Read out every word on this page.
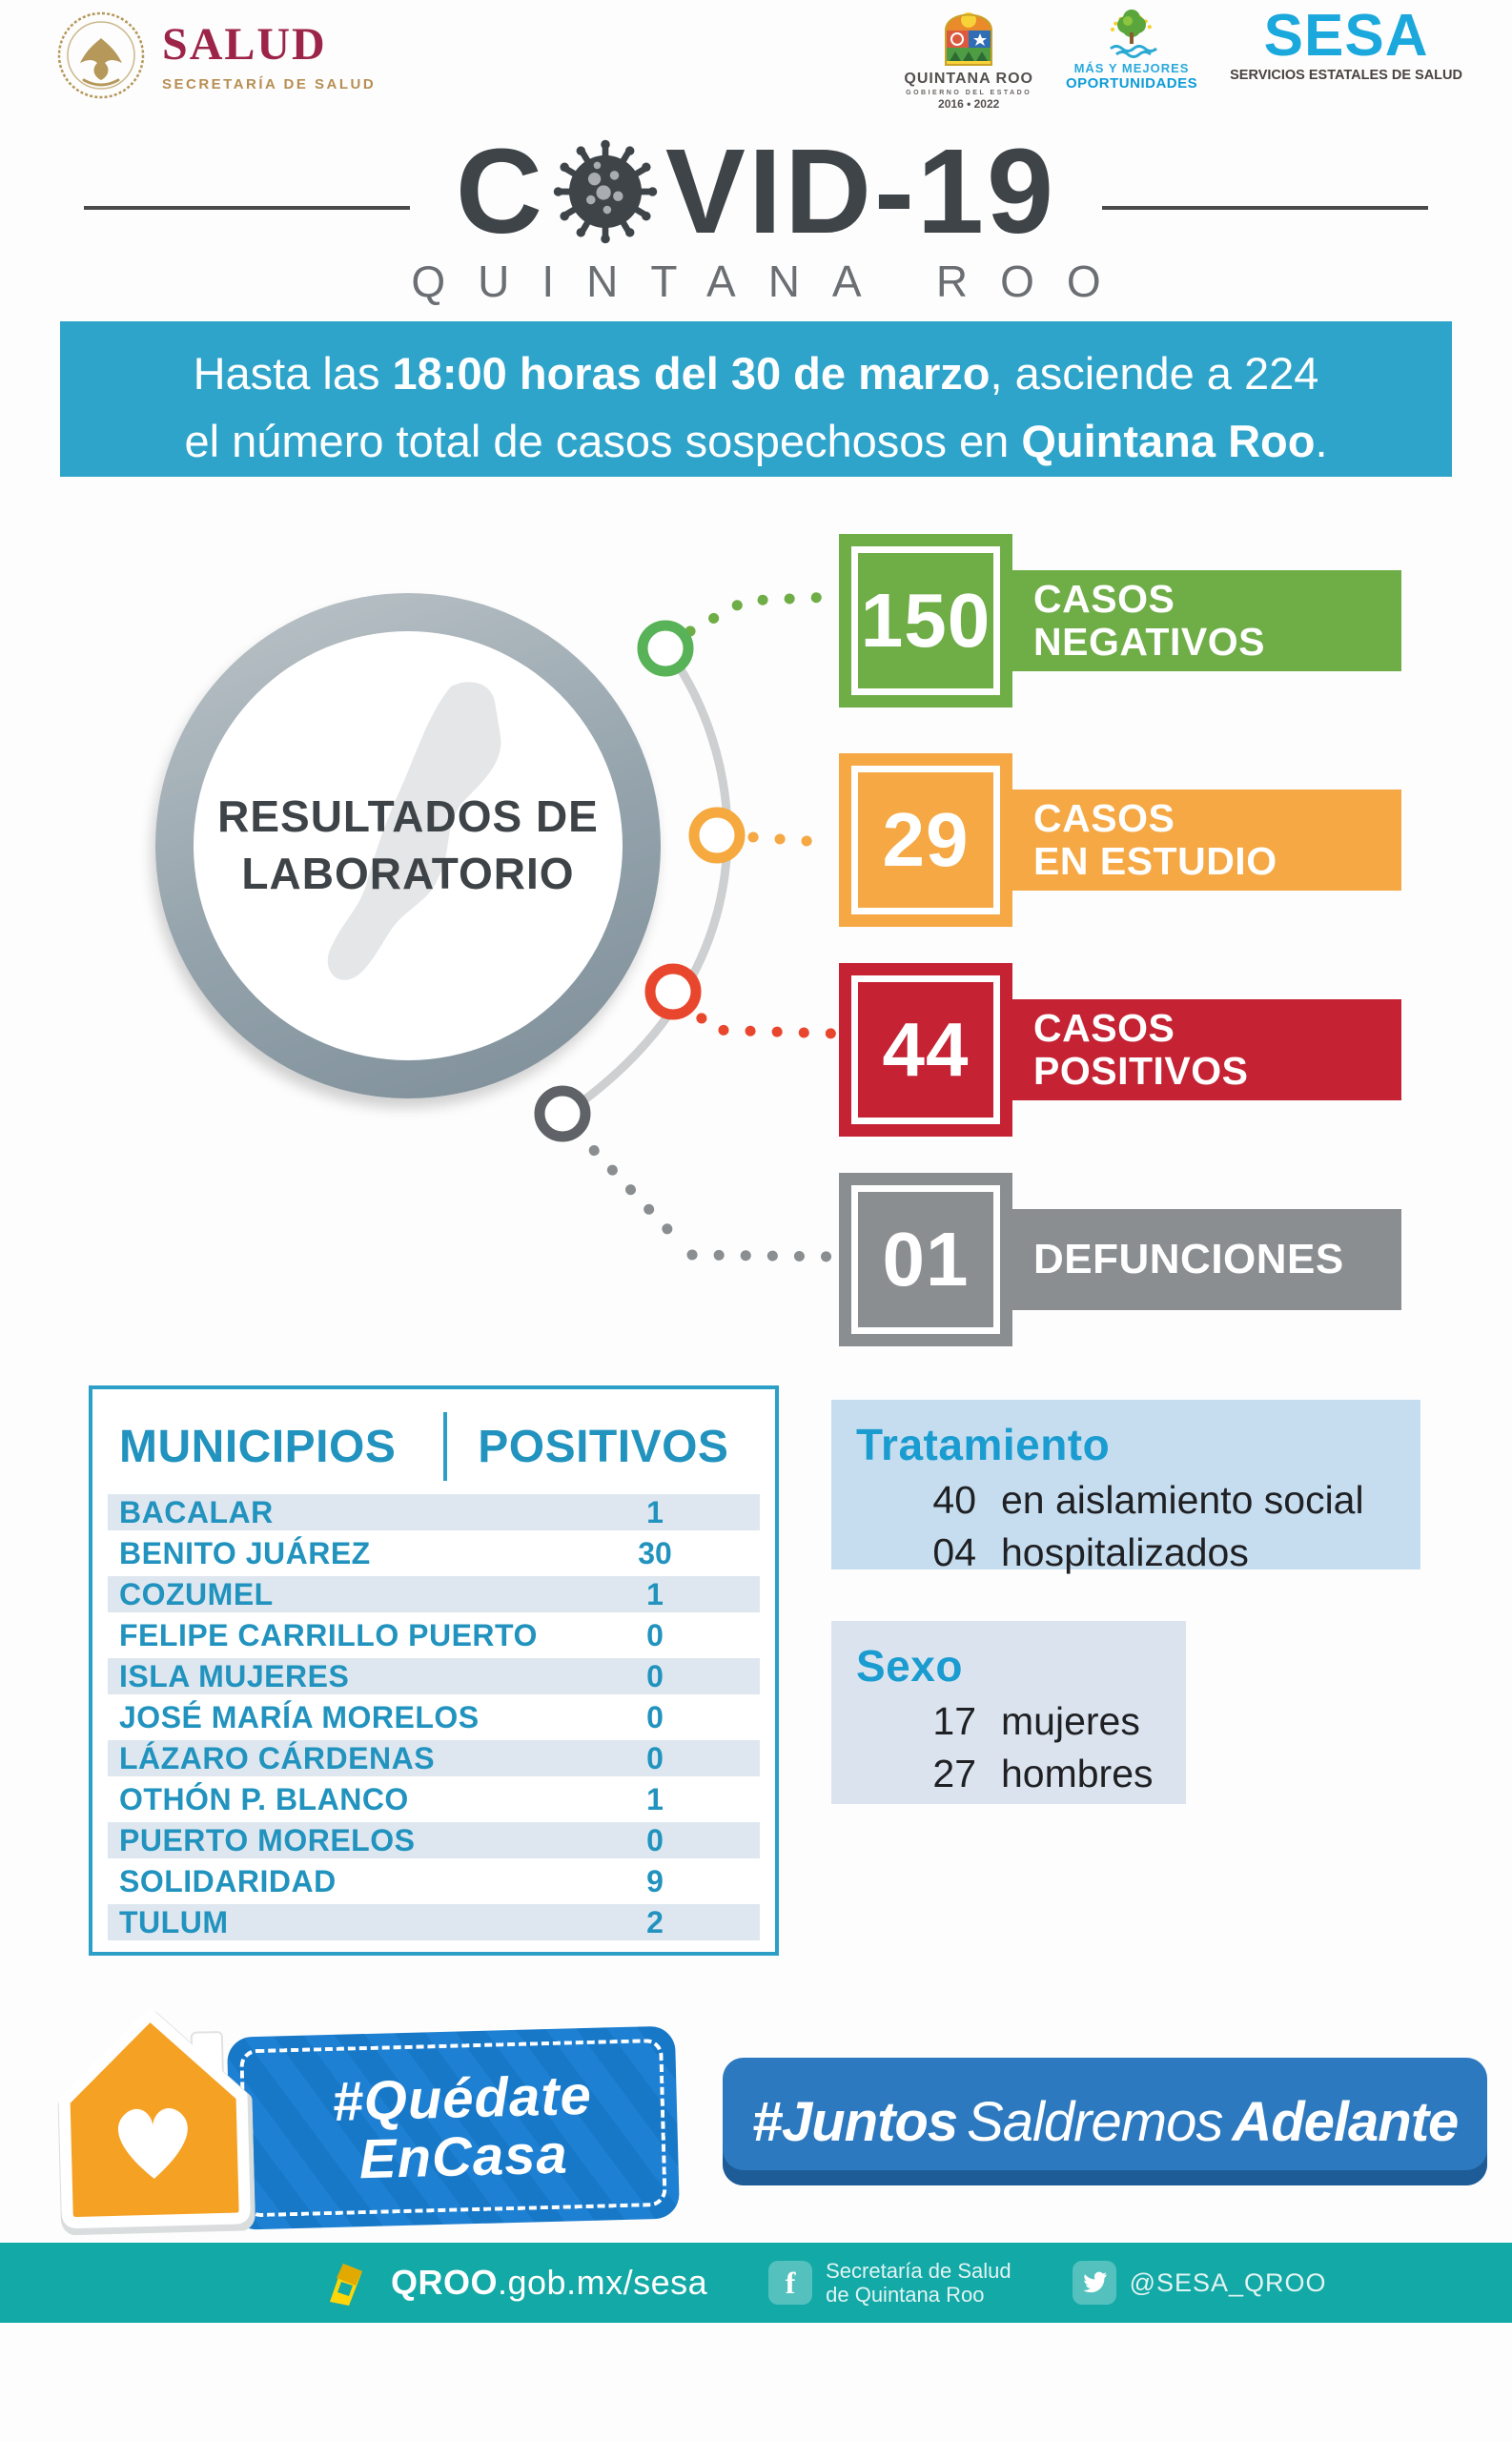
SALUD
SECRETARÍA DE SALUD	QUINTANA ROO
GOBIERNO DEL ESTADO
2016 • 2022
MÁS Y MEJORES
OPORTUNIDADES
SESA
SERVICIOS ESTATALES DE SALUD
C VID-19
QUINTANA ROO
Hasta las 18:00 horas del 30 de marzo, asciende a 224
el número total de casos sospechosos en Quintana Roo.
RESULTADOS DE
LABORATORIO
150 CASOS
NEGATIVOS
29 CASOS
EN ESTUDIO
44 CASOS
POSITIVOS
01 DEFUNCIONES
MUNICIPIOS	POSITIVOS
BACALAR	1
BENITO JUÁREZ	30
COZUMEL	1
FELIPE CARRILLO PUERTO	0
ISLA MUJERES	0
JOSÉ MARÍA MORELOS	0
LÁZARO CÁRDENAS	0
OTHÓN P. BLANCO	1
PUERTO MORELOS	0
SOLIDARIDAD	9
TULUM	2
Tratamiento
40 en aislamiento social
04 hospitalizados
Sexo
17 mujeres
27 hombres
#Quédate
EnCasa
#Juntos Saldremos Adelante
QROO.gob.mx/sesa	f Secretaría de Salud
de Quintana Roo	@SESA_QROO
